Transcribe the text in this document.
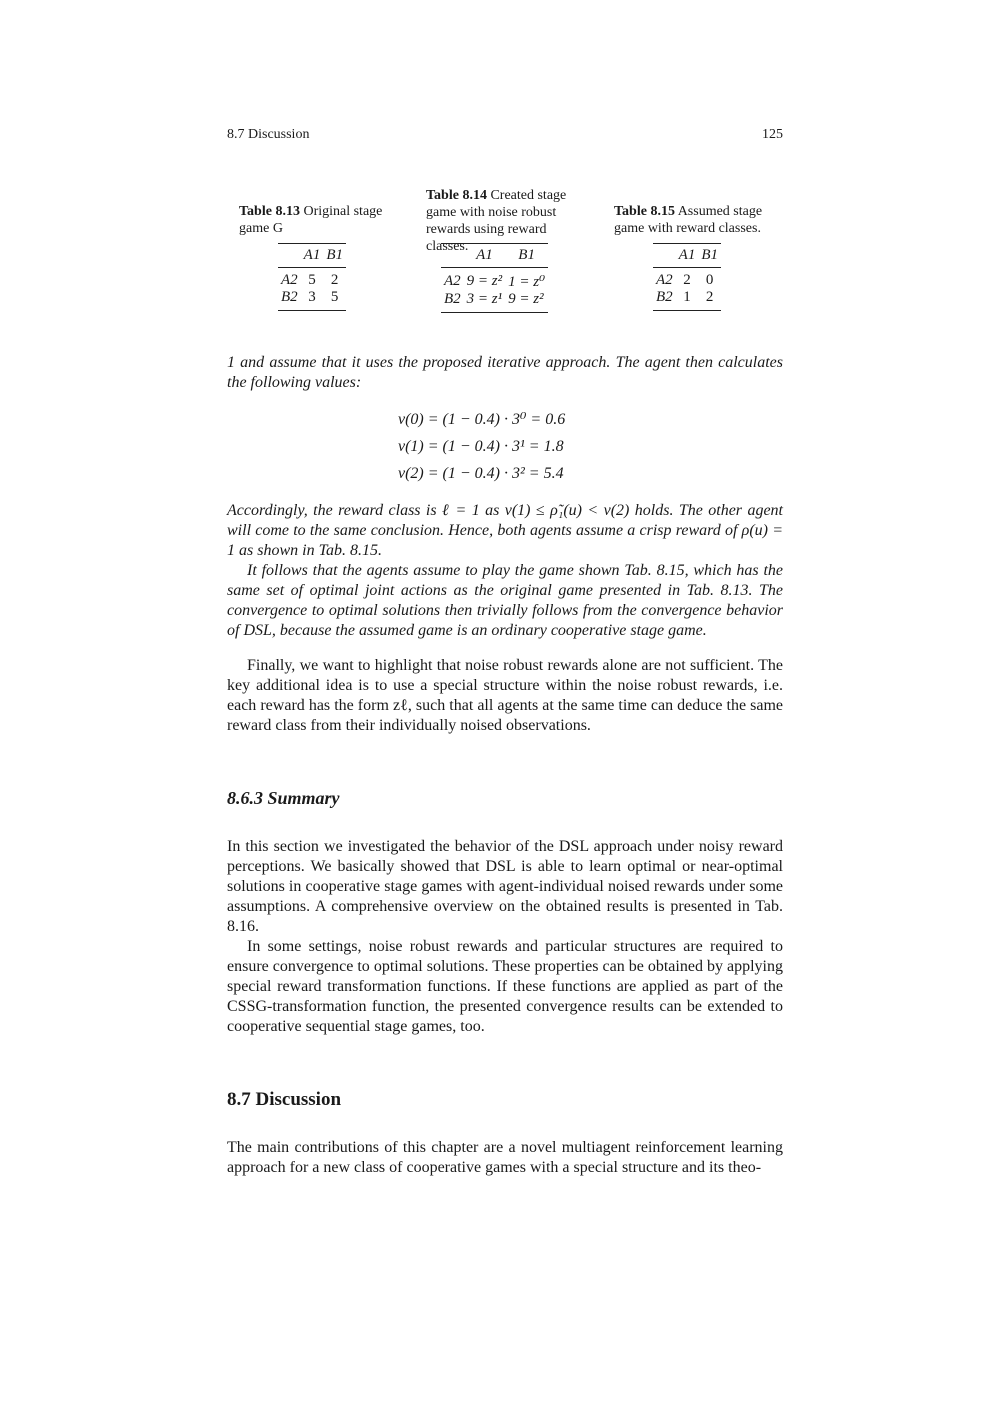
8.7 Discussion	125
Table 8.13 Original stage game G
	A1	B1
A2	5	2
B2	3	5
Table 8.14 Created stage game with noise robust rewards using reward classes.
	A1	B1
A2	9 = z²	1 = z⁰
B2	3 = z¹	9 = z²
Table 8.15 Assumed stage game with reward classes.
	A1	B1
A2	2	0
B2	1	2

1 and assume that it uses the proposed iterative approach. The agent then calculates the following values:

v(0) = (1 − 0.4) · 3⁰ = 0.6
v(1) = (1 − 0.4) · 3¹ = 1.8
v(2) = (1 − 0.4) · 3² = 5.4

Accordingly, the reward class is ℓ = 1 as v(1) ≤ ρ̃₁(u) < v(2) holds. The other agent will come to the same conclusion. Hence, both agents assume a crisp reward of ρ(u) = 1 as shown in Tab. 8.15.

It follows that the agents assume to play the game shown Tab. 8.15, which has the same set of optimal joint actions as the original game presented in Tab. 8.13. The convergence to optimal solutions then trivially follows from the convergence behavior of DSL, because the assumed game is an ordinary cooperative stage game.

Finally, we want to highlight that noise robust rewards alone are not sufficient. The key additional idea is to use a special structure within the noise robust rewards, i.e. each reward has the form zℓ, such that all agents at the same time can deduce the same reward class from their individually noised observations.

8.6.3 Summary

In this section we investigated the behavior of the DSL approach under noisy reward perceptions. We basically showed that DSL is able to learn optimal or near-optimal solutions in cooperative stage games with agent-individual noised rewards under some assumptions. A comprehensive overview on the obtained results is presented in Tab. 8.16.

In some settings, noise robust rewards and particular structures are required to ensure convergence to optimal solutions. These properties can be obtained by applying special reward transformation functions. If these functions are applied as part of the CSSG-transformation function, the presented convergence results can be extended to cooperative sequential stage games, too.

8.7 Discussion

The main contributions of this chapter are a novel multiagent reinforcement learning approach for a new class of cooperative games with a special structure and its theo-
